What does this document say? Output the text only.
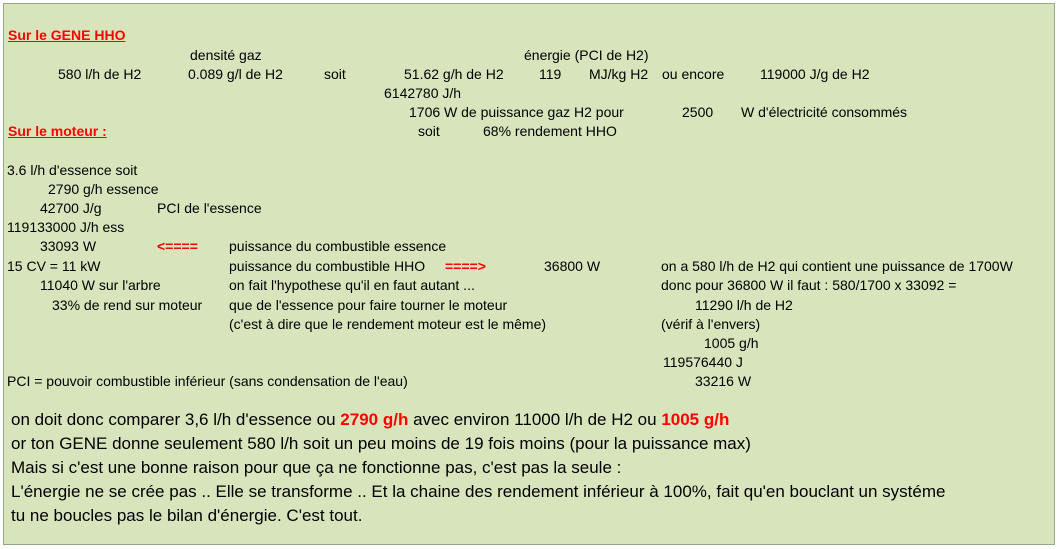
Sur le GENE HHO
densité gaz	énergie (PCI de H2)
580 l/h de H2	0.089 g/l de H2	soit	51.62 g/h de H2	119 MJ/kg H2 ou encore	119000 J/g de H2
6142780 J/h
1706 W de puissance gaz H2 pour	2500 W d'électricité consommés
Sur le moteur :	soit	68% rendement HHO
3.6 l/h d'essence soit
2790 g/h essence
42700 J/g	PCI de l'essence
119133000 J/h ess
33093 W	<==== puissance du combustible essence
15 CV = 11 kW	puissance du combustible HHO ====>	36800 W	on a 580 l/h de H2 qui contient une puissance de 1700W
11040 W sur l'arbre	on fait l'hypothese qu'il en faut autant ...	donc pour 36800 W il faut : 580/1700 x 33092 =
33% de rend sur moteur que de l'essence pour faire tourner le moteur	11290 l/h de H2
(c'est à dire que le rendement moteur est le même)	(vérif à l'envers)
1005 g/h
119576440 J
PCI = pouvoir combustible inférieur (sans condensation de l'eau)	33216 W
on doit donc comparer 3,6 l/h d'essence ou 2790 g/h avec environ 11000 l/h de H2 ou 1005 g/h
or ton GENE donne seulement 580 l/h soit un peu moins de 19 fois moins (pour la puissance max)
Mais si c'est une bonne raison pour que ça ne fonctionne pas, c'est pas la seule :
L'énergie ne se crée pas .. Elle se transforme .. Et la chaine des rendement inférieur à 100%, fait qu'en bouclant un systéme
tu ne boucles pas le bilan d'énergie. C'est tout.
